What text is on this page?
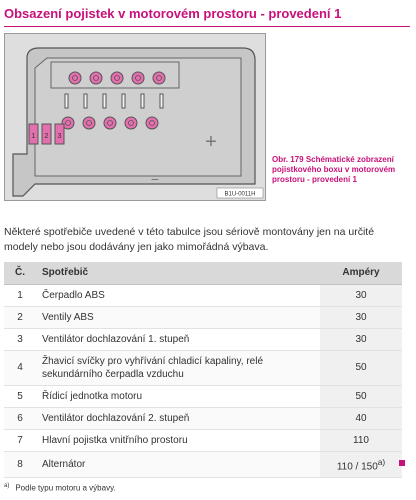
Obsazení pojistek v motorovém prostoru - provedení 1
1 2 3	+
−
B1U-0011H
Obr. 179 Schématické zobrazení pojistkového boxu v motorovém prostoru - provedení 1

Některé spotřebiče uvedené v této tabulce jsou sériově montovány jen na určité modely nebo jsou dodávány jen jako mimořádná výbava.

Č.	Spotřebič	Ampéry
1	Čerpadlo ABS	30
2	Ventily ABS	30
3	Ventilátor dochlazování 1. stupeň	30
4	Žhavicí svíčky pro vyhřívání chladicí kapaliny, relé sekundárního čerpadla vzduchu	50
5	Řídicí jednotka motoru	50
6	Ventilátor dochlazování 2. stupeň	40
7	Hlavní pojistka vnitřního prostoru	110
8	Alternátor	110 / 150$^{a)}$

$^{a)}$ Podle typu motoru a výbavy.
